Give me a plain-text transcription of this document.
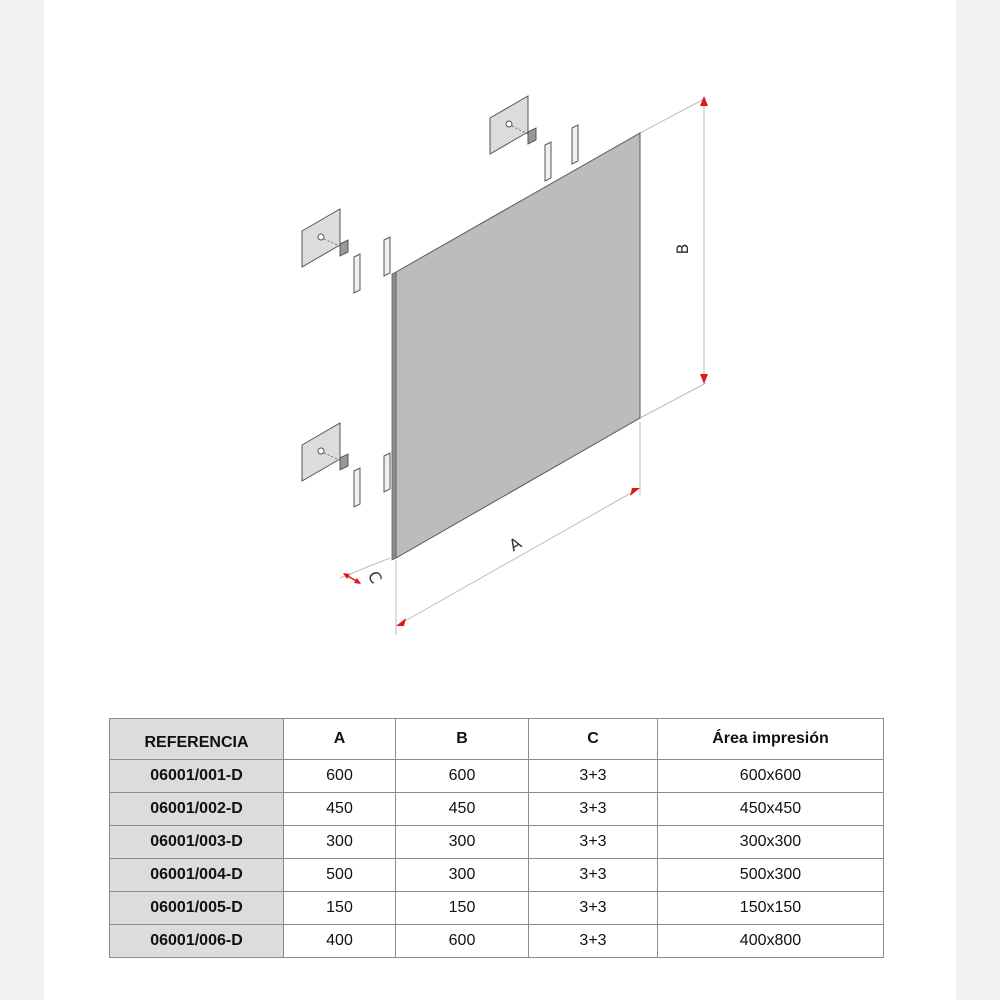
B
A
C
REFERENCIA	A	B	C	Área impresión
06001/001-D	600	600	3+3	600x600
06001/002-D	450	450	3+3	450x450
06001/003-D	300	300	3+3	300x300
06001/004-D	500	300	3+3	500x300
06001/005-D	150	150	3+3	150x150
06001/006-D	400	600	3+3	400x800
